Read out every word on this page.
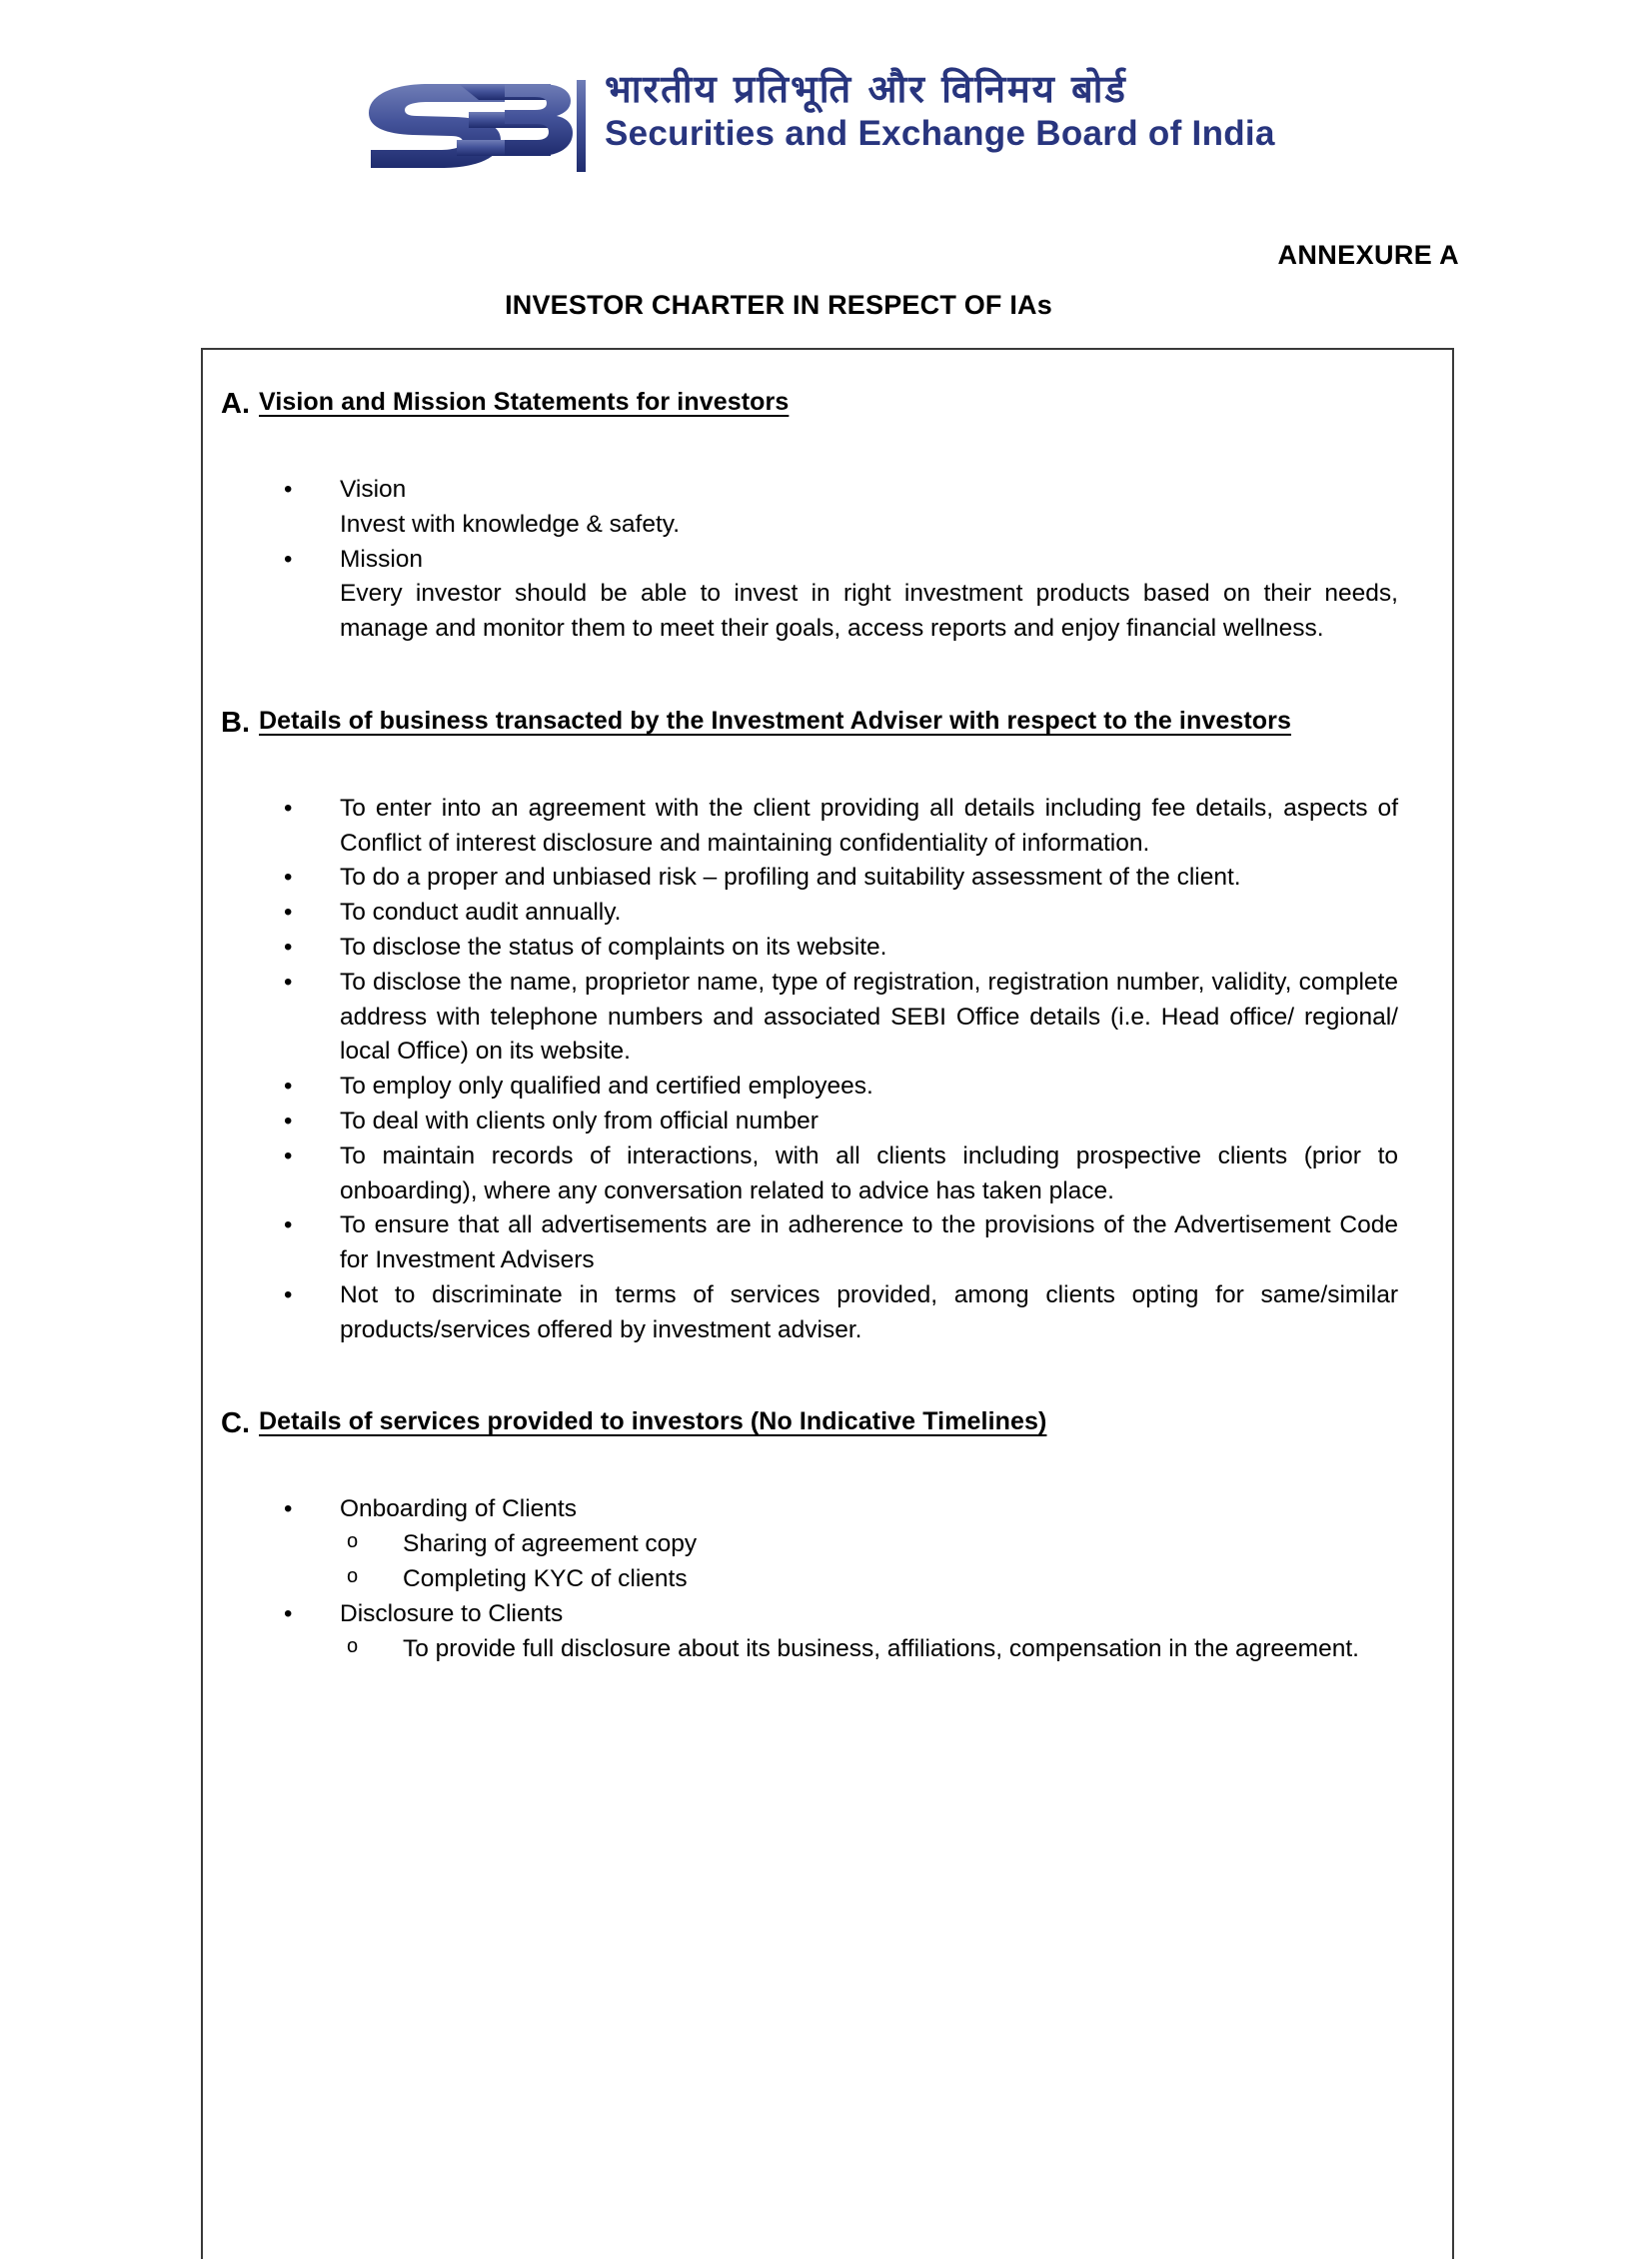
भारतीय प्रतिभूति और विनिमय बोर्ड
Securities and Exchange Board of India
ANNEXURE A
INVESTOR CHARTER IN RESPECT OF IAs
A. Vision and Mission Statements for investors
•	Vision
Invest with knowledge & safety.
•	Mission
Every investor should be able to invest in right investment products based on their needs, manage and monitor them to meet their goals, access reports and enjoy financial wellness.
B. Details of business transacted by the Investment Adviser with respect to the investors
•	To enter into an agreement with the client providing all details including fee details, aspects of Conflict of interest disclosure and maintaining confidentiality of information.
•	To do a proper and unbiased risk – profiling and suitability assessment of the client.
•	To conduct audit annually.
•	To disclose the status of complaints on its website.
•	To disclose the name, proprietor name, type of registration, registration number, validity, complete address with telephone numbers and associated SEBI Office details (i.e. Head office/ regional/ local Office) on its website.
•	To employ only qualified and certified employees.
•	To deal with clients only from official number
•	To maintain records of interactions, with all clients including prospective clients (prior to onboarding), where any conversation related to advice has taken place.
•	To ensure that all advertisements are in adherence to the provisions of the Advertisement Code for Investment Advisers
•	Not to discriminate in terms of services provided, among clients opting for same/similar products/services offered by investment adviser.
C. Details of services provided to investors (No Indicative Timelines)
•	Onboarding of Clients
o	Sharing of agreement copy
o	Completing KYC of clients
•	Disclosure to Clients
o	To provide full disclosure about its business, affiliations, compensation in the agreement.
